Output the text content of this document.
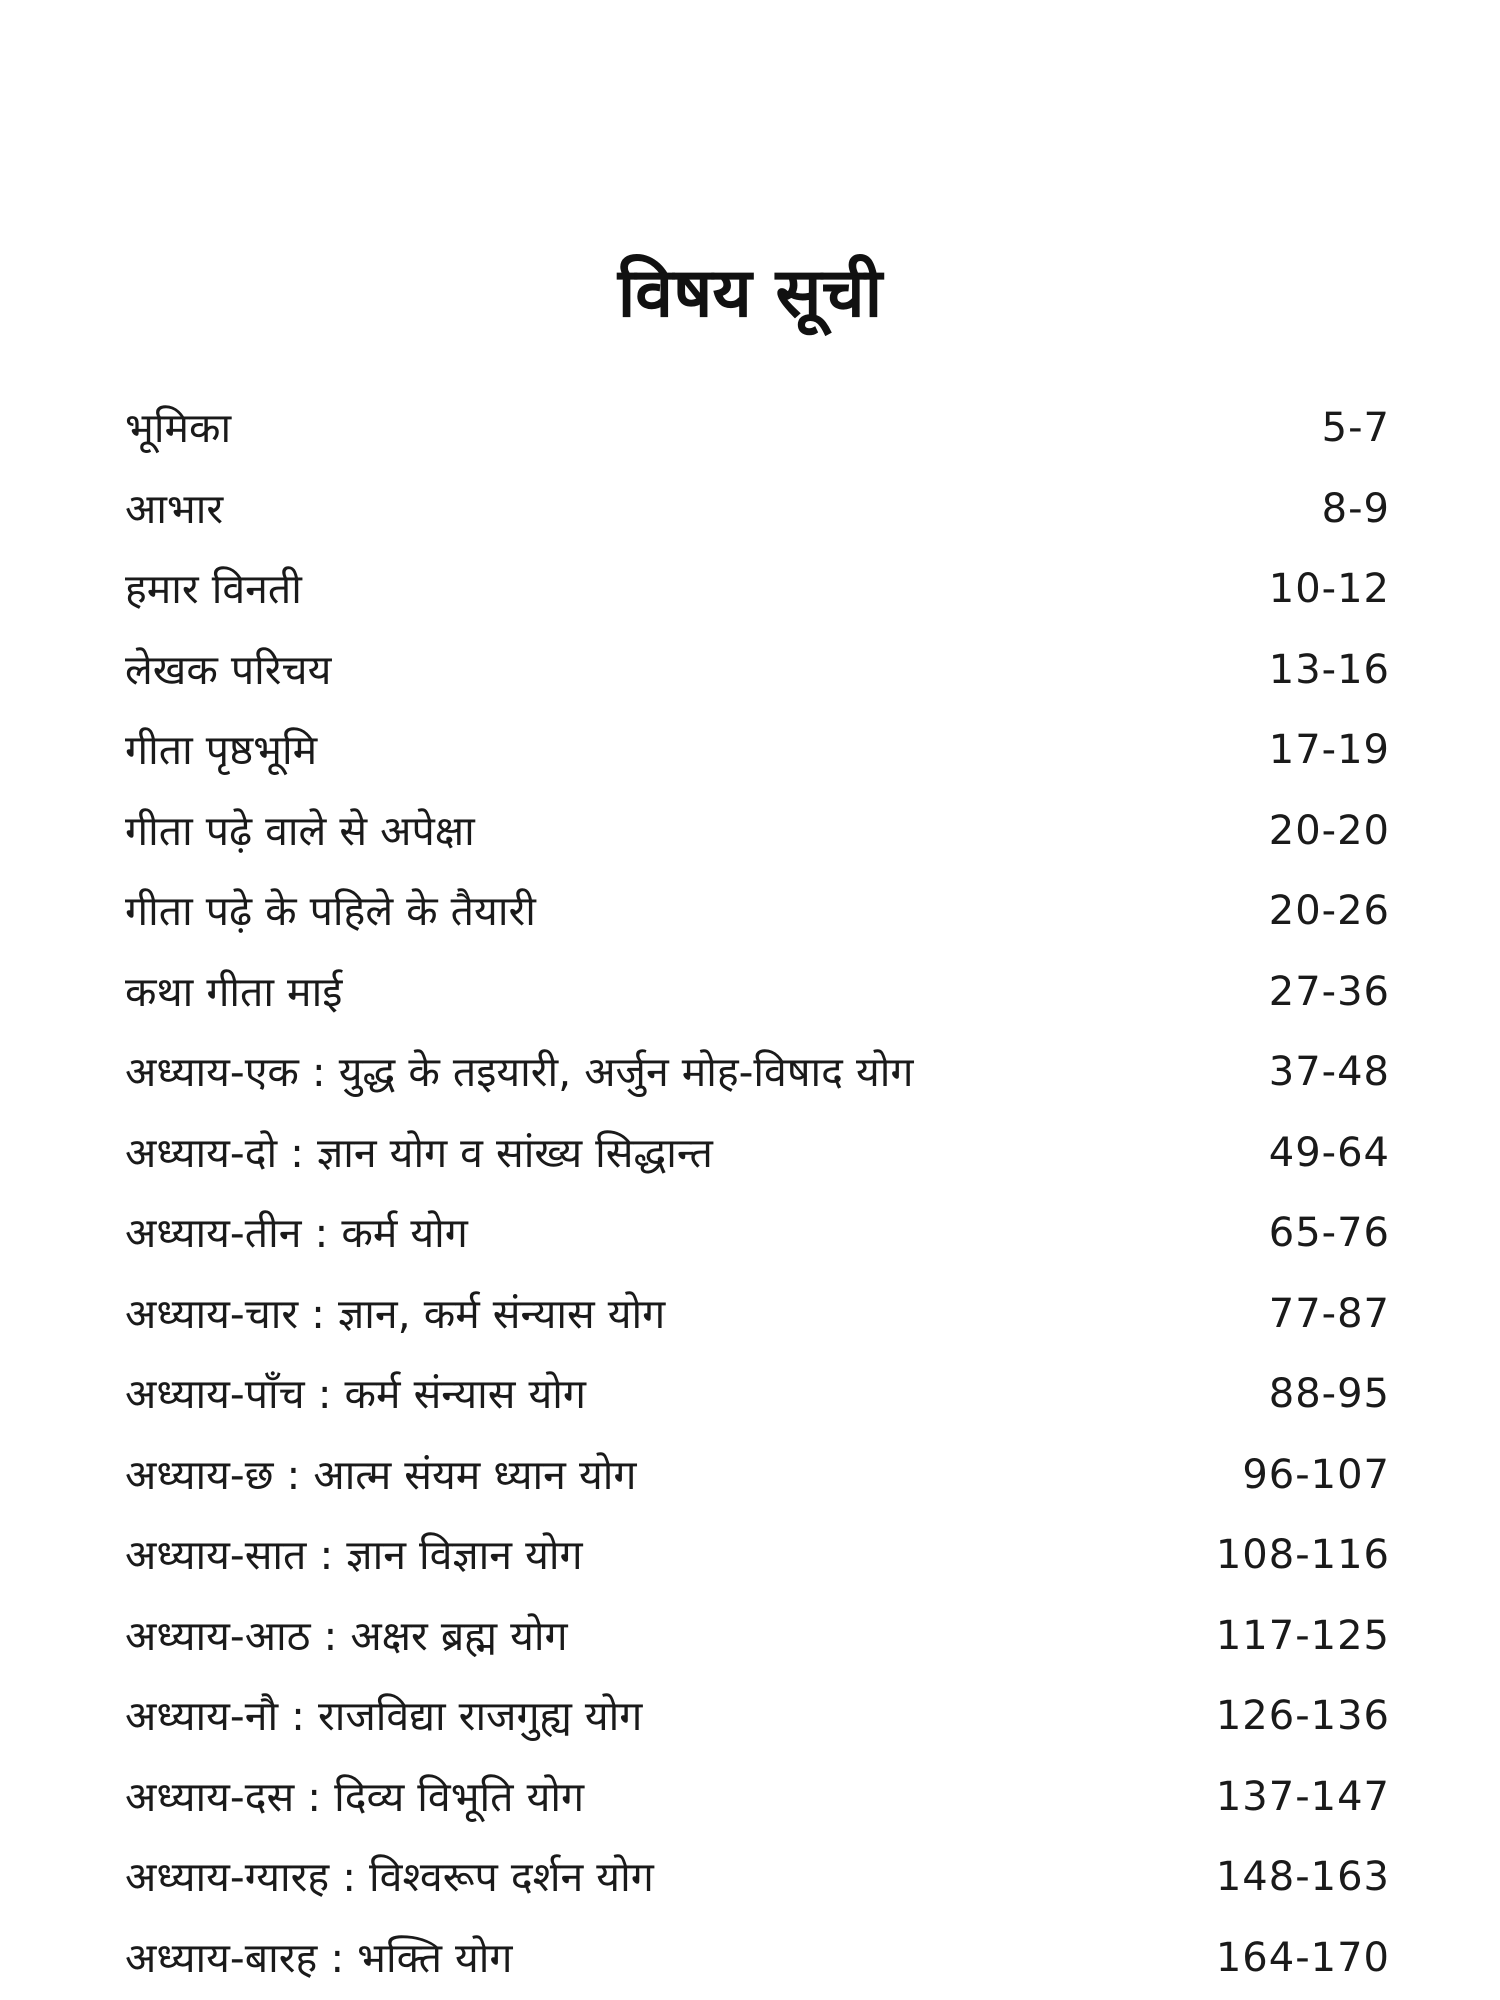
विषय सूची
भूमिका	5-7
आभार	8-9
हमार विनती	10-12
लेखक परिचय	13-16
गीता पृष्ठभूमि	17-19
गीता पढ़े वाले से अपेक्षा	20-20
गीता पढ़े के पहिले के तैयारी	20-26
कथा गीता माई	27-36
अध्याय-एक : युद्ध के तइयारी, अर्जुन मोह-विषाद योग	37-48
अध्याय-दो : ज्ञान योग व सांख्य सिद्धान्त	49-64
अध्याय-तीन : कर्म योग	65-76
अध्याय-चार : ज्ञान, कर्म संन्यास योग	77-87
अध्याय-पाँच : कर्म संन्यास योग	88-95
अध्याय-छ : आत्म संयम ध्यान योग	96-107
अध्याय-सात : ज्ञान विज्ञान योग	108-116
अध्याय-आठ : अक्षर ब्रह्म योग	117-125
अध्याय-नौ : राजविद्या राजगुह्य योग	126-136
अध्याय-दस : दिव्य विभूति योग	137-147
अध्याय-ग्यारह : विश्वरूप दर्शन योग	148-163
अध्याय-बारह : भक्ति योग	164-170
